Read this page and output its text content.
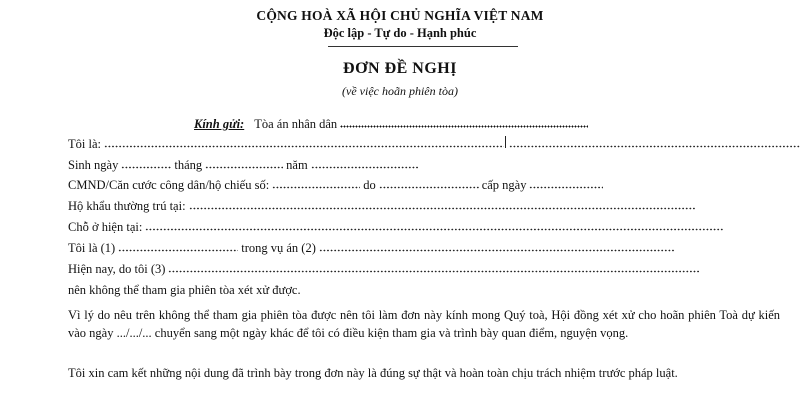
CỘNG HOÀ XÃ HỘI CHỦ NGHĨA VIỆT NAM
Độc lập - Tự do - Hạnh phúc
ĐƠN ĐỀ NGHỊ
(về việc hoãn phiên tòa)
Kính gửi: Tòa án nhân dân
Tôi là:
Sinh ngày	tháng	năm
CMND/Căn cước công dân/hộ chiếu số:	do	cấp ngày
Hộ khẩu thường trú tại:
Chỗ ở hiện tại:
Tôi là (1)	trong vụ án (2)
Hiện nay, do tôi (3)
nên không thể tham gia phiên tòa xét xử được.
Vì lý do nêu trên không thể tham gia phiên tòa được nên tôi làm đơn này kính mong Quý toà, Hội đồng xét xử cho hoãn phiên Toà dự kiến vào ngày .../.../... chuyển sang một ngày khác để tôi có điều kiện tham gia và trình bày quan điểm, nguyện vọng.
Tôi xin cam kết những nội dung đã trình bày trong đơn này là đúng sự thật và hoàn toàn chịu trách nhiệm trước pháp luật.
